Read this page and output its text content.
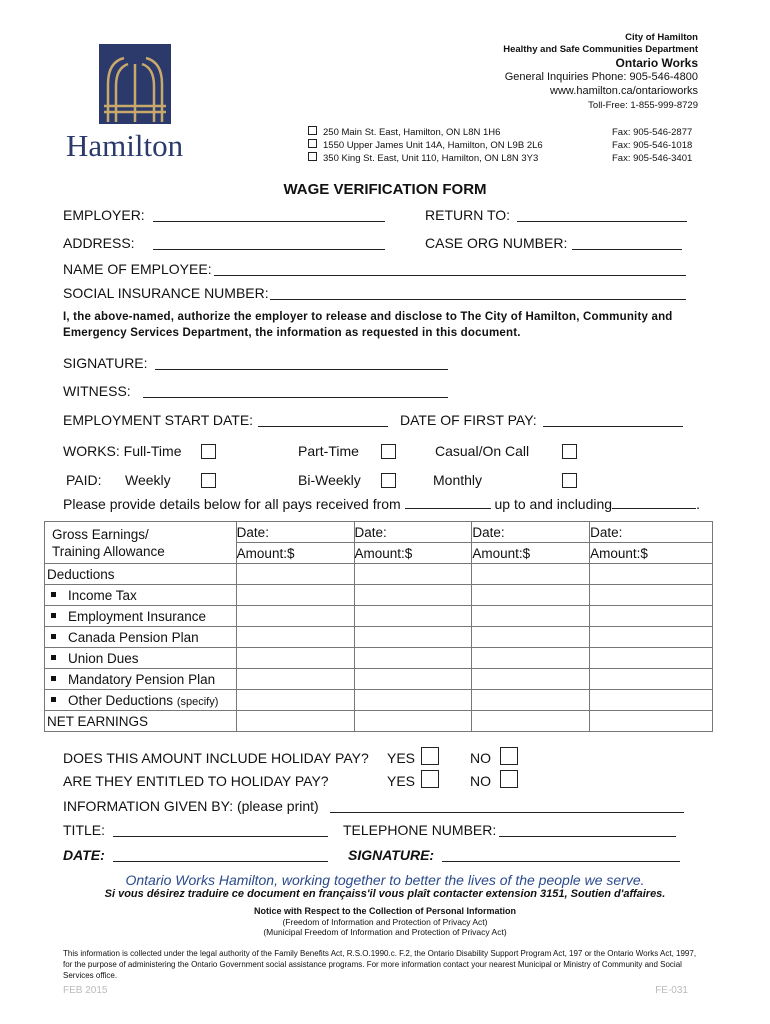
Hamilton
City of Hamilton
Healthy and Safe Communities Department
Ontario Works
General Inquiries Phone: 905-546-4800
www.hamilton.ca/ontarioworks
Toll-Free: 1-855-999-8729
250 Main St. East, Hamilton, ON L8N 1H6
1550 Upper James Unit 14A, Hamilton, ON L9B 2L6
350 King St. East, Unit 110, Hamilton, ON L8N 3Y3
Fax: 905-546-2877
Fax: 905-546-1018
Fax: 905-546-3401
WAGE VERIFICATION FORM
EMPLOYER:	RETURN TO:
ADDRESS:	CASE ORG NUMBER:
NAME OF EMPLOYEE:
SOCIAL INSURANCE NUMBER:
I, the above-named, authorize the employer to release and disclose to The City of Hamilton, Community and Emergency Services Department, the information as requested in this document.
SIGNATURE:
WITNESS:
EMPLOYMENT START DATE:	DATE OF FIRST PAY:
WORKS: Full-Time	Part-Time	Casual/On Call
PAID: Weekly	Bi-Weekly	Monthly
Please provide details below for all pays received from	up to and including	.
Gross Earnings/
Training Allowance	Date:	Date:	Date:	Date:
	Amount:$	Amount:$	Amount:$	Amount:$
Deductions				
Income Tax				
Employment Insurance				
Canada Pension Plan				
Union Dues				
Mandatory Pension Plan				
Other Deductions (specify)				
NET EARNINGS				
DOES THIS AMOUNT INCLUDE HOLIDAY PAY? YES	NO
ARE THEY ENTITLED TO HOLIDAY PAY?	YES	NO
INFORMATION GIVEN BY: (please print)
TITLE:	TELEPHONE NUMBER:
DATE:	SIGNATURE:
Ontario Works Hamilton, working together to better the lives of the people we serve.
Si vous désirez traduire ce document en françaiss'il vous plaît contacter extension 3151, Soutien d'affaires.
Notice with Respect to the Collection of Personal Information
(Freedom of Information and Protection of Privacy Act)
(Municipal Freedom of Information and Protection of Privacy Act)
This information is collected under the legal authority of the Family Benefits Act, R.S.O.1990.c. F.2, the Ontario Disability Support Program Act, 197 or the Ontario Works Act, 1997, for the purpose of administering the Ontario Government social assistance programs. For more information contact your nearest Municipal or Ministry of Community and Social Services office.
FEB 2015	FE-031
